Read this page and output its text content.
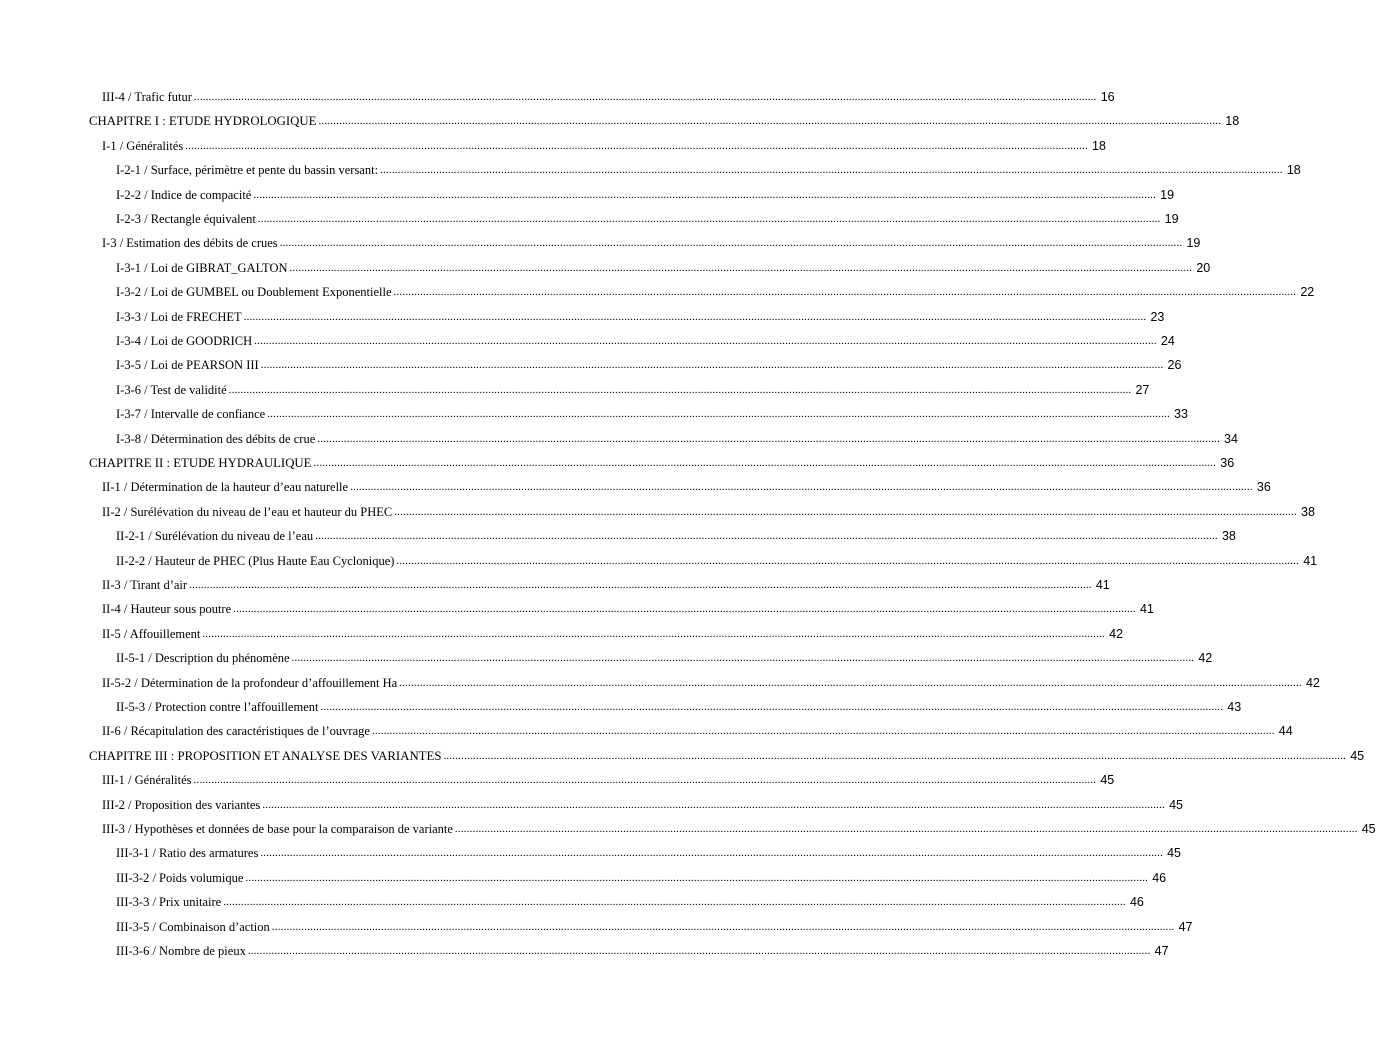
III-4 / Trafic futur .....	16
CHAPITRE I : ETUDE HYDROLOGIQUE .....	18
I-1 / Généralités .....	18
I-2-1 / Surface, périmètre et pente du bassin versant: .....	18
I-2-2 / Indice de compacité .....	19
I-2-3 / Rectangle équivalent .....	19
I-3 / Estimation des débits de crues .....	19
I-3-1 / Loi de GIBRAT_GALTON .....	20
I-3-2 / Loi de GUMBEL ou Doublement Exponentielle .....	22
I-3-3 / Loi de FRECHET .....	23
I-3-4 / Loi de GOODRICH .....	24
I-3-5 / Loi de PEARSON III .....	26
I-3-6 / Test de validité .....	27
I-3-7 / Intervalle de confiance .....	33
I-3-8 / Détermination des débits de crue .....	34
CHAPITRE II : ETUDE HYDRAULIQUE .....	36
II-1 / Détermination de la hauteur d’eau naturelle .....	36
II-2 / Surélévation du niveau de l’eau et hauteur du PHEC .....	38
II-2-1 / Surélévation du niveau de l’eau .....	38
II-2-2 / Hauteur de PHEC (Plus Haute Eau Cyclonique) .....	41
II-3 / Tirant d’air .....	41
II-4 / Hauteur sous poutre .....	41
II-5 / Affouillement .....	42
II-5-1 / Description du phénomène .....	42
II-5-2 / Détermination de la profondeur d’affouillement Ha .....	42
II-5-3 / Protection contre l’affouillement .....	43
II-6 / Récapitulation des caractéristiques de l’ouvrage .....	44
CHAPITRE III : PROPOSITION ET ANALYSE DES VARIANTES .....	45
III-1 / Généralités .....	45
III-2 / Proposition des variantes .....	45
III-3 / Hypothèses et données de base pour la comparaison de variante .....	45
III-3-1 / Ratio des armatures .....	45
III-3-2 / Poids volumique .....	46
III-3-3 / Prix unitaire .....	46
III-3-5 / Combinaison d’action .....	47
III-3-6 / Nombre de pieux .....	47
